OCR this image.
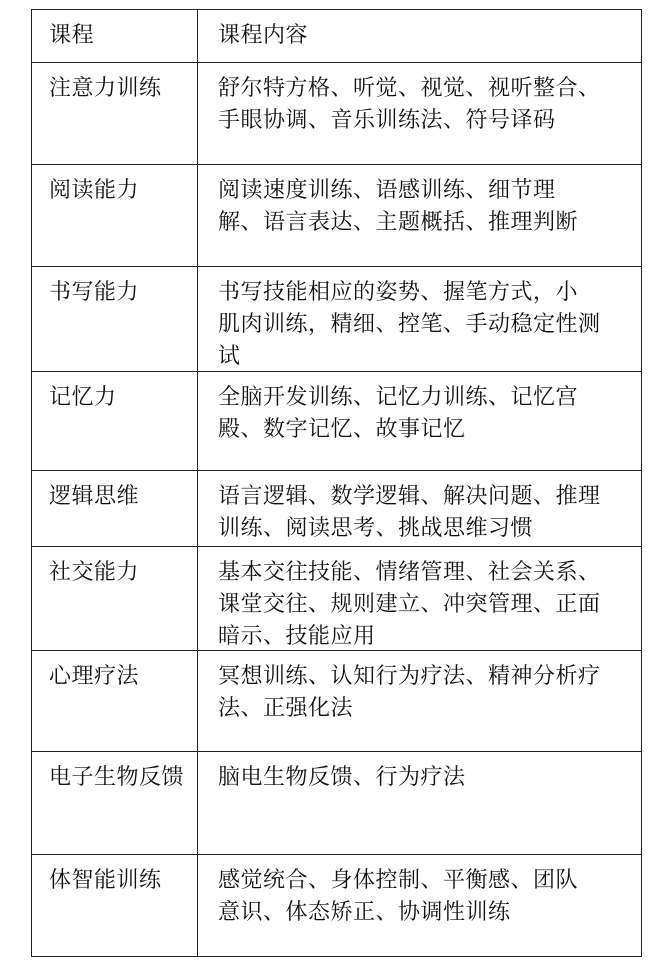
课程	课程内容
注意力训练	舒尔特方格、听觉、视觉、视听整合、
手眼协调、音乐训练法、符号译码
阅读能力	阅读速度训练、语感训练、细节理
解、语言表达、主题概括、推理判断
书写能力	书写技能相应的姿势、握笔方式，小
肌肉训练，精细、控笔、手动稳定性测
试
记忆力	全脑开发训练、记忆力训练、记忆宫
殿、数字记忆、故事记忆
逻辑思维	语言逻辑、数学逻辑、解决问题、推理
训练、阅读思考、挑战思维习惯
社交能力	基本交往技能、情绪管理、社会关系、
课堂交往、规则建立、冲突管理、正面
暗示、技能应用
心理疗法	冥想训练、认知行为疗法、精神分析疗
法、正强化法
电子生物反馈	脑电生物反馈、行为疗法
体智能训练	感觉统合、身体控制、平衡感、团队
意识、体态矫正、协调性训练
